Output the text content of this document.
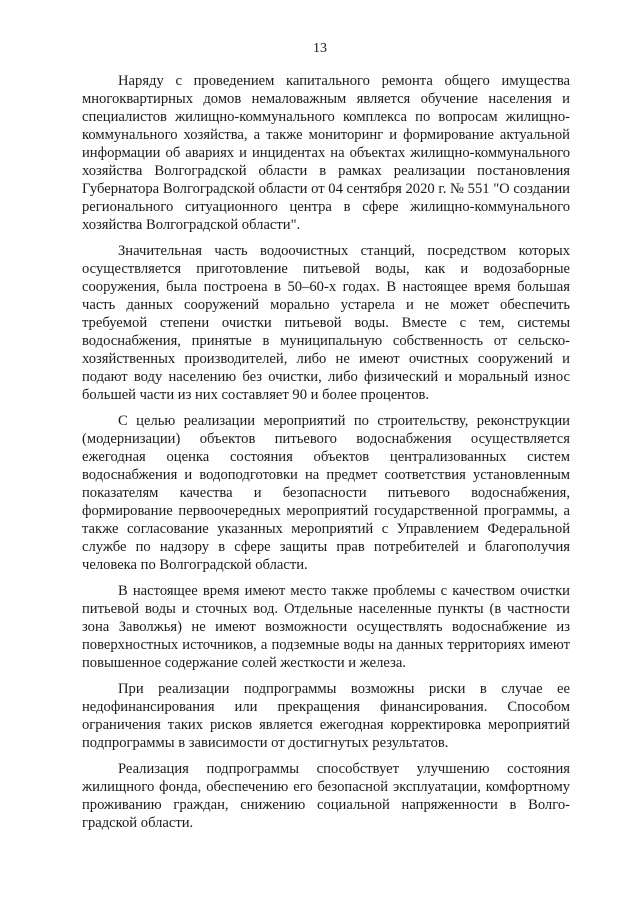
13

Наряду с проведением капитального ремонта общего имущества многоквартирных домов немаловажным является обучение населения и специалистов жилищно-коммунального комплекса по вопросам жилищно-коммунального хозяйства, а также мониторинг и формирование актуальной информации об авариях и инцидентах на объектах жилищно-коммунального хозяйства Волгоградской области в рамках реализации постановления Губернатора Волгоградской области от 04 сентября 2020 г. № 551 "О создании регионального ситуационного центра в сфере жилищно-коммунального хозяйства Волгоградской области".

Значительная часть водоочистных станций, посредством которых осуществляется приготовление питьевой воды, как и водозаборные сооружения, была построена в 50–60-х годах. В настоящее время большая часть данных сооружений морально устарела и не может обеспечить требуемой степени очистки питьевой воды. Вместе с тем, системы водоснабжения, принятые в муниципальную собственность от сельско-хозяйственных производителей, либо не имеют очистных сооружений и подают воду населению без очистки, либо физический и моральный износ большей части из них составляет 90 и более процентов.

С целью реализации мероприятий по строительству, реконструкции (модернизации) объектов питьевого водоснабжения осуществляется ежегодная оценка состояния объектов централизованных систем водоснабжения и водоподготовки на предмет соответствия установленным показателям качества и безопасности питьевого водоснабжения, формирование первоочередных мероприятий государственной программы, а также согласование указанных мероприятий с Управлением Федеральной службе по надзору в сфере защиты прав потребителей и благополучия человека по Волгоградской области.

В настоящее время имеют место также проблемы с качеством очистки питьевой воды и сточных вод. Отдельные населенные пункты (в частности зона Заволжья) не имеют возможности осуществлять водоснабжение из поверхностных источников, а подземные воды на данных территориях имеют повышенное содержание солей жесткости и железа.

При реализации подпрограммы возможны риски в случае ее недофинансирования или прекращения финансирования. Способом ограничения таких рисков является ежегодная корректировка мероприятий подпрограммы в зависимости от достигнутых результатов.

Реализация подпрограммы способствует улучшению состояния жилищного фонда, обеспечению его безопасной эксплуатации, комфортному проживанию граждан, снижению социальной напряженности в Волго-градской области.
